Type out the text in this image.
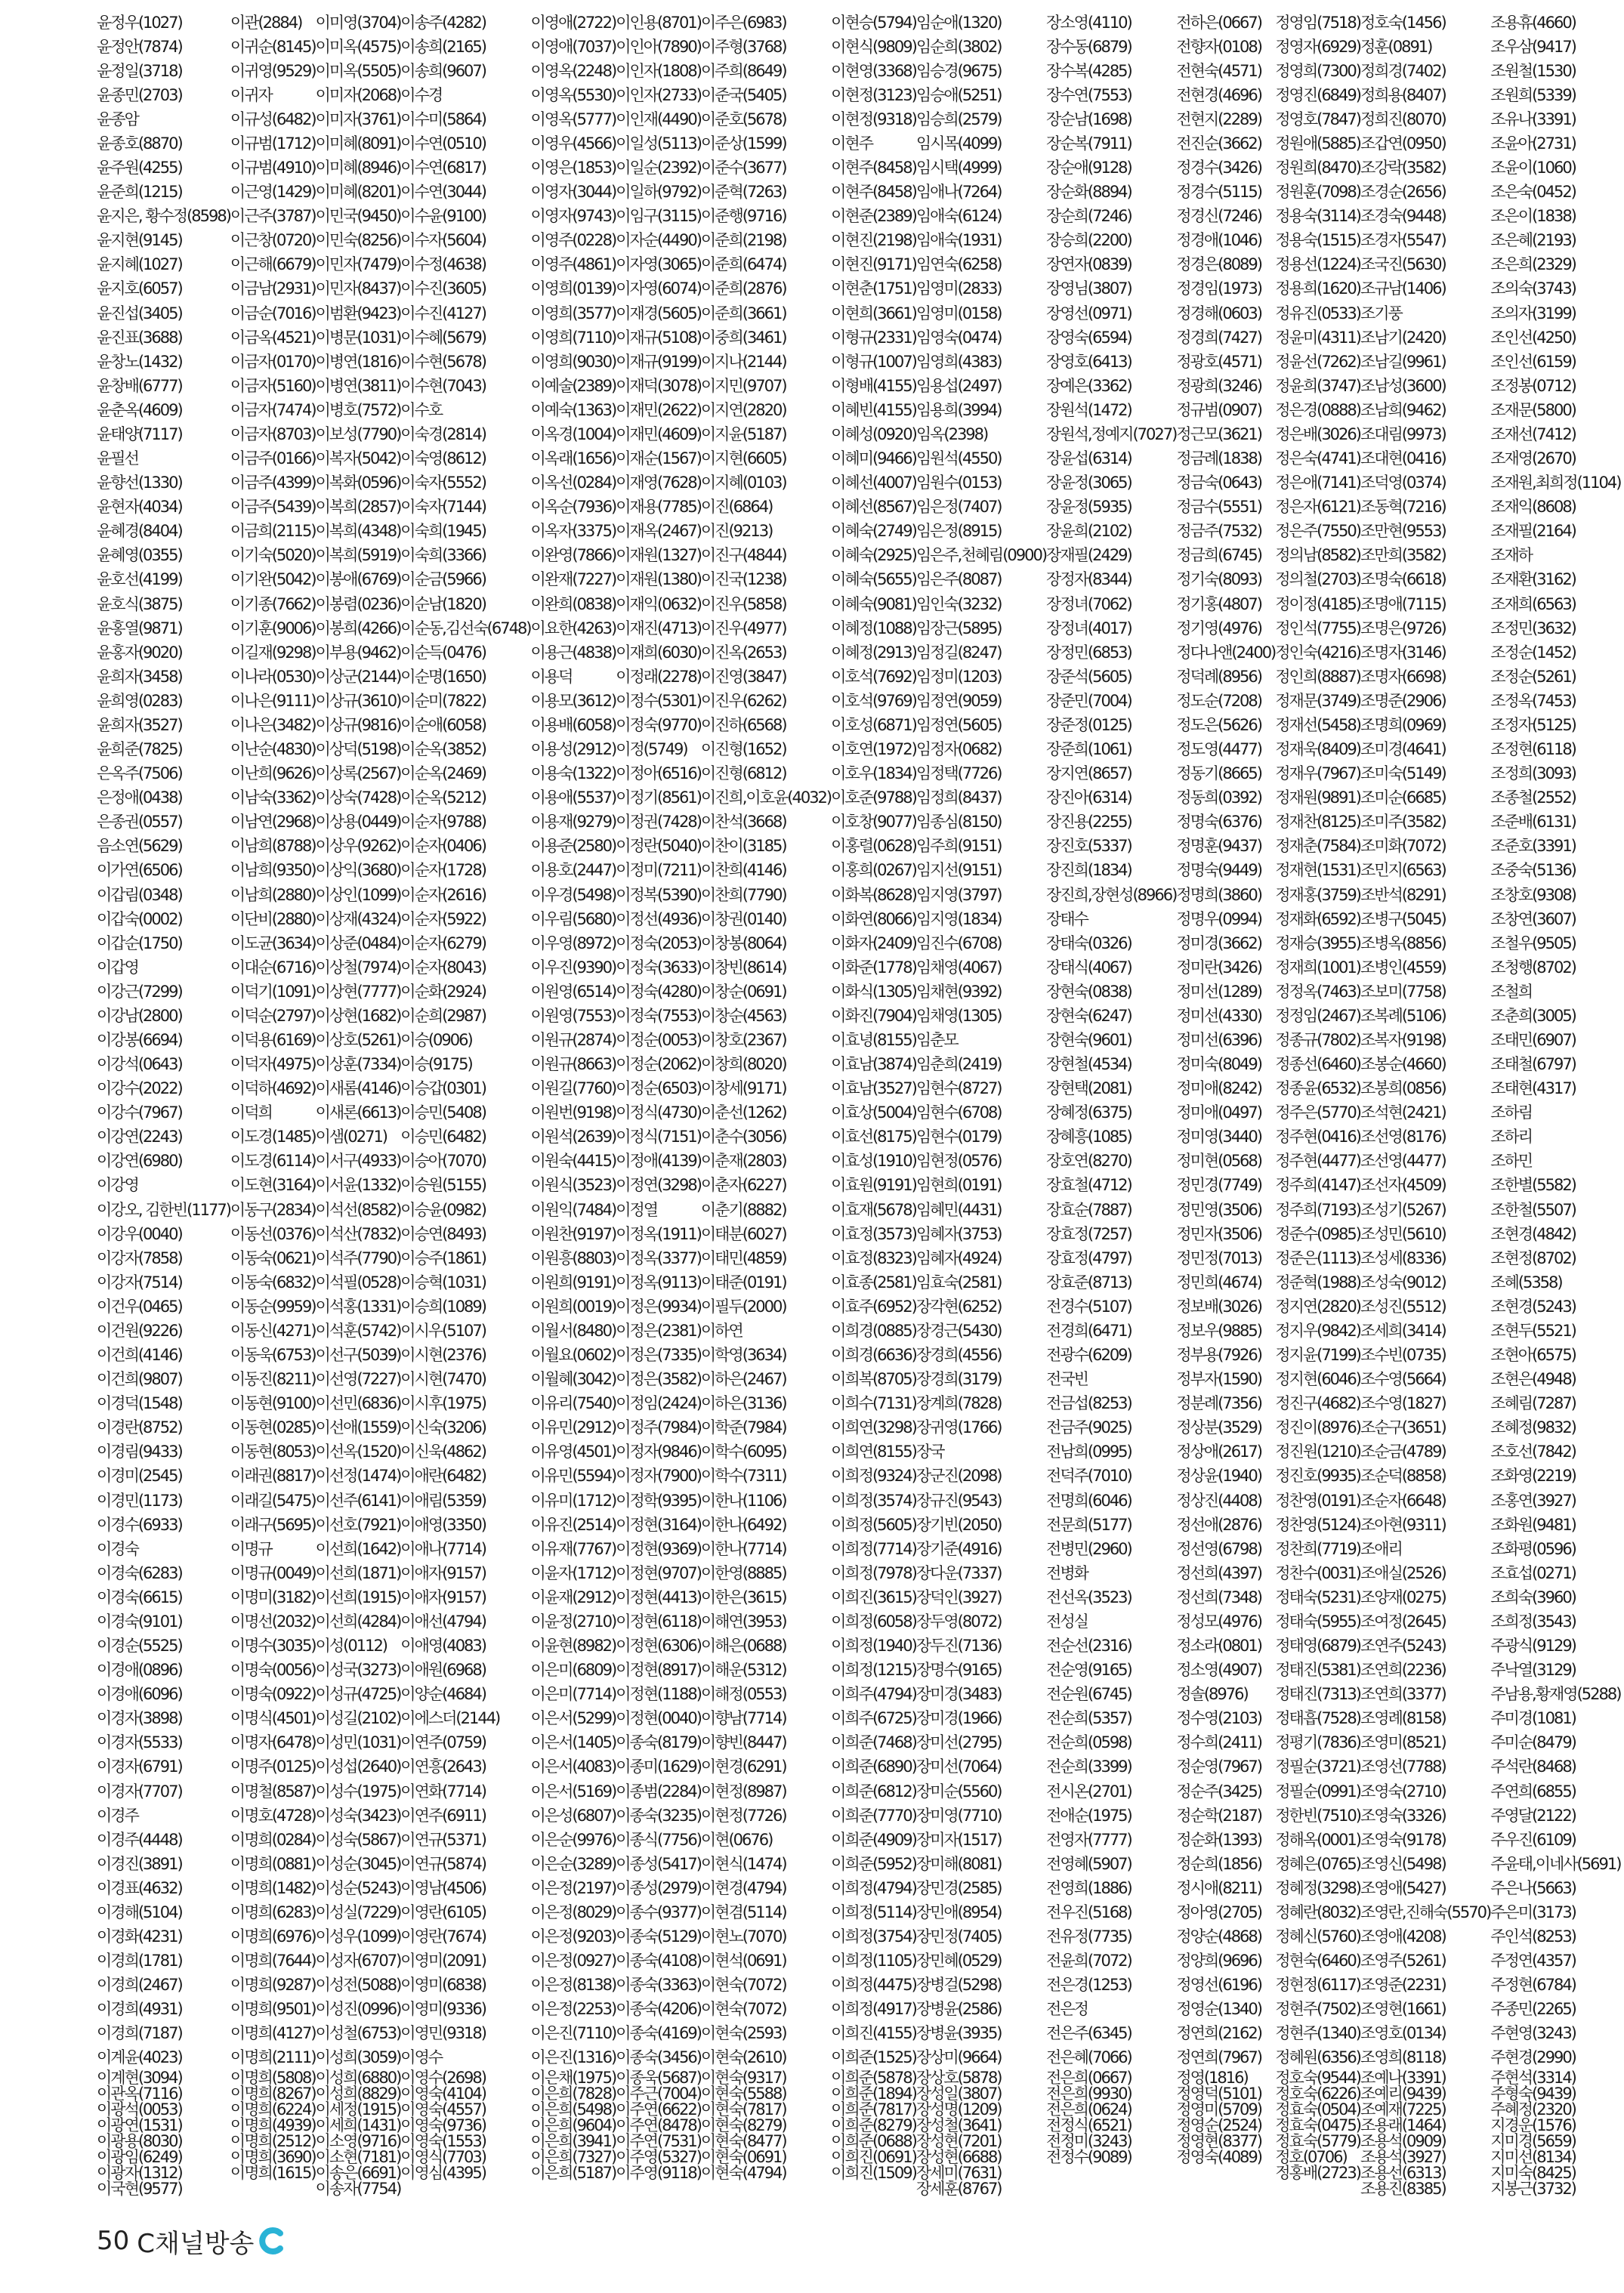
윤정우(1027)
윤정안(7874)
윤정일(3718)
윤종민(2703)
윤종암
윤종호(8870)
윤주원(4255)
윤준희(1215)
윤지은, 황수정(8598)
윤지현(9145)
윤지혜(1027)
윤지호(6057)
윤진섭(3405)
윤진표(3688)
윤창노(1432)
윤창배(6777)
윤춘옥(4609)
윤태양(7117)
윤필선
윤향선(1330)
윤현자(4034)
윤혜경(8404)
윤혜영(0355)
윤호선(4199)
윤호식(3875)
윤홍열(9871)
윤홍자(9020)
윤희자(3458)
윤희영(0283)
윤희자(3527)
윤희준(7825)
은옥주(7506)
은정애(0438)
은종권(0557)
음소연(5629)
이가연(6506)
이갑림(0348)
이갑숙(0002)
이갑순(1750)
이갑영
이강근(7299)
이강남(2800)
이강봉(6694)
이강석(0643)
이강수(2022)
이강수(7967)
이강연(2243)
이강연(6980)
이강영
이강오, 김한빈(1177)
이강우(0040)
이강자(7858)
이강자(7514)
이건우(0465)
이건원(9226)
이건희(4146)
이건희(9807)
이경덕(1548)
이경란(8752)
이경림(9433)
이경미(2545)
이경민(1173)
이경수(6933)
이경숙
이경숙(6283)
이경숙(6615)
이경숙(9101)
이경순(5525)
이경애(0896)
이경애(6096)
이경자(3898)
이경자(5533)
이경자(6791)
이경자(7707)
이경주
이경주(4448)
이경진(3891)
이경표(4632)
이경해(5104)
이경화(4231)
이경희(1781)
이경희(2467)
이경희(4931)
이경희(7187)
이계윤(4023)
이계현(3094)
이관옥(7116)
이광석(0053)
이광연(1531)
이광용(8030)
이광임(6249)
이광자(1312)
이국현(9577)
이관(2884)
이귀순(8145)
이귀영(9529)
이귀자
이규성(6482)
이규범(1712)
이규범(4910)
이근영(1429)
이근주(3787)
이근창(0720)
이근해(6679)
이금남(2931)
이금순(7016)
이금옥(4521)
이금자(0170)
이금자(5160)
이금자(7474)
이금자(8703)
이금주(0166)
이금주(4399)
이금주(5439)
이금희(2115)
이기숙(5020)
이기완(5042)
이기종(7662)
이기훈(9006)
이길재(9298)
이나라(0530)
이나은(9111)
이나은(3482)
이난순(4830)
이난희(9626)
이남숙(3362)
이남연(2968)
이남희(8788)
이남희(9350)
이남희(2880)
이단비(2880)
이도균(3634)
이대순(6716)
이덕기(1091)
이덕순(2797)
이덕용(6169)
이덕자(4975)
이덕하(4692)
이덕희
이도경(1485)
이도경(6114)
이도현(3164)
이동구(2834)
이동선(0376)
이동숙(0621)
이동숙(6832)
이동순(9959)
이동신(4271)
이동욱(6753)
이동진(8211)
이동현(9100)
이동현(0285)
이동현(8053)
이래권(8817)
이래길(5475)
이래구(5695)
이명규
이명규(0049)
이명미(3182)
이명선(2032)
이명수(3035)
이명숙(0056)
이명숙(0922)
이명식(4501)
이명자(6478)
이명주(0125)
이명철(8587)
이명호(4728)
이명희(0284)
이명희(0881)
이명희(1482)
이명희(6283)
이명희(6976)
이명희(7644)
이명희(9287)
이명희(9501)
이명희(4127)
이명희(2111)
이명희(5808)
이명희(8267)
이명희(6224)
이명희(4939)
이명희(2512)
이명희(3690)
이명희(1615)
이미영(3704)
이미옥(4575)
이미옥(5505)
이미자(2068)
이미자(3761)
이미혜(8091)
이미혜(8946)
이미혜(8201)
이민국(9450)
이민숙(8256)
이민자(7479)
이민자(8437)
이범환(9423)
이병문(1031)
이병연(1816)
이병연(3811)
이병호(7572)
이보성(7790)
이복자(5042)
이복화(0596)
이복희(2857)
이복희(4348)
이복희(5919)
이봉애(6769)
이봉렴(0236)
이봉희(4266)
이부용(9462)
이상군(2144)
이상규(3610)
이상규(9816)
이상덕(5198)
이상록(2567)
이상숙(7428)
이상용(0449)
이상우(9262)
이상익(3680)
이상인(1099)
이상재(4324)
이상준(0484)
이상철(7974)
이상현(7777)
이상현(1682)
이상호(5261)
이상훈(7334)
이새롬(4146)
이새론(6613)
이샘(0271)
이서구(4933)
이서윤(1332)
이석선(8582)
이석산(7832)
이석주(7790)
이석필(0528)
이석홍(1331)
이석훈(5742)
이선구(5039)
이선영(7227)
이선민(6836)
이선애(1559)
이선옥(1520)
이선정(1474)
이선주(6141)
이선호(7921)
이선희(1642)
이선희(1871)
이선희(1915)
이선희(4284)
이성(0112)
이성국(3273)
이성규(4725)
이성길(2102)
이성민(1031)
이성섭(2640)
이성수(1975)
이성숙(3423)
이성숙(5867)
이성순(3045)
이성순(5243)
이성실(7229)
이성우(1099)
이성자(6707)
이성전(5088)
이성진(0996)
이성철(6753)
이성희(3059)
이성희(6880)
이성희(8829)
이세정(1915)
이세희(1431)
이소영(9716)
이소현(7181)
이송은(6691)
이송자(7754)
이송주(4282)
이송희(2165)
이송희(9607)
이수경
이수미(5864)
이수연(0510)
이수연(6817)
이수연(3044)
이수윤(9100)
이수자(5604)
이수정(4638)
이수진(3605)
이수진(4127)
이수혜(5679)
이수현(5678)
이수현(7043)
이수호
이숙경(2814)
이숙영(8612)
이숙자(5552)
이숙자(7144)
이숙희(1945)
이숙희(3366)
이순금(5966)
이순남(1820)
이순동,김선숙(6748)
이순득(0476)
이순명(1650)
이순미(7822)
이순애(6058)
이순옥(3852)
이순옥(2469)
이순옥(5212)
이순자(9788)
이순자(0406)
이순자(1728)
이순자(2616)
이순자(5922)
이순자(6279)
이순자(8043)
이순화(2924)
이순희(2987)
이승(0906)
이승(9175)
이승갑(0301)
이승민(5408)
이승민(6482)
이승아(7070)
이승원(5155)
이승윤(0982)
이승연(8493)
이승주(1861)
이승혁(1031)
이승희(1089)
이시우(5107)
이시현(2376)
이시현(7470)
이시후(1975)
이신숙(3206)
이신욱(4862)
이애란(6482)
이애림(5359)
이애영(3350)
이애나(7714)
이애자(9157)
이애자(9157)
이애선(4794)
이애영(4083)
이애원(6968)
이양순(4684)
이에스더(2144)
이연주(0759)
이연흥(2643)
이연화(7714)
이연주(6911)
이연규(5371)
이연규(5874)
이영남(4506)
이영란(6105)
이영란(7674)
이영미(2091)
이영미(6838)
이영미(9336)
이영민(9318)
이영수
이영수(2698)
이영숙(4104)
이영숙(4557)
이영숙(9736)
이영숙(1553)
이영식(7703)
이영심(4395)
이영애(2722)
이영애(7037)
이영옥(2248)
이영옥(5530)
이영옥(5777)
이영우(4566)
이영은(1853)
이영자(3044)
이영자(9743)
이영주(0228)
이영주(4861)
이영희(0139)
이영희(3577)
이영희(7110)
이영희(9030)
이예술(2389)
이예숙(1363)
이옥경(1004)
이옥래(1656)
이옥선(0284)
이옥순(7936)
이옥자(3375)
이완영(7866)
이완재(7227)
이완희(0838)
이요한(4263)
이용근(4838)
이용덕
이용모(3612)
이용배(6058)
이용성(2912)
이용숙(1322)
이용애(5537)
이용재(9279)
이용준(2580)
이용호(2447)
이우경(5498)
이우림(5680)
이우영(8972)
이우진(9390)
이원영(6514)
이원영(7553)
이원규(2874)
이원규(8663)
이원길(7760)
이원번(9198)
이원석(2639)
이원숙(4415)
이원식(3523)
이원익(7484)
이원찬(9197)
이원흥(8803)
이원희(9191)
이원희(0019)
이월서(8480)
이월요(0602)
이월혜(3042)
이유리(7540)
이유민(2912)
이유영(4501)
이유민(5594)
이유미(1712)
이유진(2514)
이유재(7767)
이윤자(1712)
이윤재(2912)
이윤정(2710)
이윤현(8982)
이은미(6809)
이은미(7714)
이은서(5299)
이은서(1405)
이은서(4083)
이은서(5169)
이은성(6807)
이은순(9976)
이은순(3289)
이은정(2197)
이은정(8029)
이은정(9203)
이은정(0927)
이은정(8138)
이은정(2253)
이은진(7110)
이은진(1316)
이은채(1975)
이은희(7828)
이은희(5498)
이은희(9604)
이은희(3941)
이은희(7327)
이은희(5187)
이인용(8701)
이인아(7890)
이인자(1808)
이인자(2733)
이인재(4490)
이일성(5113)
이일순(2392)
이일하(9792)
이임구(3115)
이자순(4490)
이자영(3065)
이자영(6074)
이재경(5605)
이재규(5108)
이재규(9199)
이재덕(3078)
이재민(2622)
이재민(4609)
이재순(1567)
이재영(7628)
이재용(7785)
이재옥(2467)
이재원(1327)
이재원(1380)
이재익(0632)
이재진(4713)
이재희(6030)
이정래(2278)
이정수(5301)
이정숙(9770)
이정(5749)
이정아(6516)
이정기(8561)
이정권(7428)
이정란(5040)
이정미(7211)
이정복(5390)
이정선(4936)
이정숙(2053)
이정숙(3633)
이정숙(4280)
이정숙(7553)
이정순(0053)
이정순(2062)
이정순(6503)
이정식(4730)
이정식(7151)
이정애(4139)
이정연(3298)
이정열
이정옥(1911)
이정옥(3377)
이정옥(9113)
이정은(9934)
이정은(2381)
이정은(7335)
이정은(3582)
이정임(2424)
이정주(7984)
이정자(9846)
이정자(7900)
이정학(9395)
이정현(3164)
이정현(9369)
이정현(9707)
이정현(4413)
이정현(6118)
이정현(6306)
이정현(8917)
이정현(1188)
이정현(0040)
이종숙(8179)
이종미(1629)
이종범(2284)
이종숙(3235)
이종식(7756)
이종성(5417)
이종성(2979)
이종수(9377)
이종숙(5129)
이종숙(4108)
이종숙(3363)
이종숙(4206)
이종숙(4169)
이종숙(3456)
이종욱(5687)
이주근(7004)
이주연(6622)
이주연(8478)
이주연(7531)
이주영(5327)
이주영(9118)
이주은(6983)
이주형(3768)
이주희(8649)
이준국(5405)
이준호(5678)
이준상(1599)
이준수(3677)
이준혁(7263)
이준행(9716)
이준희(2198)
이준희(6474)
이준희(2876)
이준희(3661)
이중희(3461)
이지나(2144)
이지민(9707)
이지연(2820)
이지윤(5187)
이지현(6605)
이지혜(0103)
이진(6864)
이진(9213)
이진구(4844)
이진국(1238)
이진우(5858)
이진우(4977)
이진옥(2653)
이진영(3847)
이진우(6262)
이진하(6568)
이진형(1652)
이진형(6812)
이진희,이호윤(4032)
이찬석(3668)
이찬이(3185)
이찬희(4146)
이찬희(7790)
이창권(0140)
이창봉(8064)
이창빈(8614)
이창순(0691)
이창순(4563)
이창호(2367)
이창희(8020)
이창세(9171)
이춘선(1262)
이춘수(3056)
이춘재(2803)
이춘자(6227)
이춘기(8882)
이태분(6027)
이태민(4859)
이태준(0191)
이필두(2000)
이하연
이학영(3634)
이하은(2467)
이하은(3136)
이학준(7984)
이학수(6095)
이학수(7311)
이한나(1106)
이한나(6492)
이한나(7714)
이한영(8885)
이한은(3615)
이해연(3953)
이해은(0688)
이해운(5312)
이해정(0553)
이향남(7714)
이향빈(8447)
이현경(6291)
이현정(8987)
이현정(7726)
이현(0676)
이현식(1474)
이현경(4794)
이현겸(5114)
이현노(7070)
이현석(0691)
이현숙(7072)
이현숙(7072)
이현숙(2593)
이현숙(2610)
이현숙(9317)
이현숙(5588)
이현숙(7817)
이현숙(8279)
이현숙(8477)
이현숙(0691)
이현숙(4794)
이현승(5794)
이현식(9809)
이현영(3368)
이현정(3123)
이현정(9318)
이현주
이현주(8458)
이현주(8458)
이현준(2389)
이현진(2198)
이현진(9171)
이현춘(1751)
이현희(3661)
이형규(2331)
이형규(1007)
이형배(4155)
이혜빈(4155)
이혜성(0920)
이혜미(9466)
이혜선(4007)
이혜선(8567)
이혜숙(2749)
이혜숙(2925)
이혜숙(5655)
이혜숙(9081)
이혜정(1088)
이혜정(2913)
이호석(7692)
이호석(9769)
이호성(6871)
이호연(1972)
이호우(1834)
이호준(9788)
이호창(9077)
이홍렬(0628)
이홍희(0267)
이화복(8628)
이화연(8066)
이화자(2409)
이화준(1778)
이화식(1305)
이화진(7904)
이효녕(8155)
이효남(3874)
이효남(3527)
이효상(5004)
이효선(8175)
이효성(1910)
이효원(9191)
이효재(5678)
이효정(3573)
이효정(8323)
이효종(2581)
이효주(6952)
이희경(0885)
이희경(6636)
이희복(8705)
이희수(7131)
이희연(3298)
이희연(8155)
이희정(9324)
이희정(3574)
이희정(5605)
이희정(7714)
이희정(7978)
이희진(3615)
이희정(6058)
이희정(1940)
이희정(1215)
이희주(4794)
이희주(6725)
이희준(7468)
이희준(6890)
이희준(6812)
이희준(7770)
이희준(4909)
이희준(5952)
이희정(4794)
이희정(5114)
이희정(3754)
이희정(1105)
이희정(4475)
이희정(4917)
이희진(4155)
이희준(1525)
이희준(5878)
이희준(1894)
이희준(7817)
이희준(8279)
이희준(0688)
이희진(0691)
이희진(1509)
임순애(1320)
임순희(3802)
임승경(9675)
임승애(5251)
임승희(2579)
임시목(4099)
임시택(4999)
임애나(7264)
임애숙(6124)
임애숙(1931)
임연숙(6258)
임영미(2833)
임영미(0158)
임영숙(0474)
임영희(4383)
임용섭(2497)
임용희(3994)
임옥(2398)
임원석(4550)
임원수(0153)
임은정(7407)
임은정(8915)
임은주,천혜림(0900)
임은주(8087)
임인숙(3232)
임장근(5895)
임정길(8247)
임정미(1203)
임정연(9059)
임정연(5605)
임정자(0682)
임정택(7726)
임정희(8437)
임종심(8150)
임주희(9151)
임지선(9151)
임지영(3797)
임지영(1834)
임진수(6708)
임채영(4067)
임채현(9392)
임채영(1305)
임춘모
임춘희(2419)
임현수(8727)
임현수(6708)
임현수(0179)
임현정(0576)
임현희(0191)
임혜민(4431)
임혜자(3753)
임혜자(4924)
임효숙(2581)
장각현(6252)
장경근(5430)
장경희(4556)
장경희(3179)
장계희(7828)
장귀영(1766)
장국
장군진(2098)
장규진(9543)
장기빈(2050)
장기준(4916)
장다운(7337)
장덕인(3927)
장두영(8072)
장두진(7136)
장명수(9165)
장미경(3483)
장미경(1966)
장미선(2795)
장미선(7064)
장미순(5560)
장미영(7710)
장미자(1517)
장미해(8081)
장민경(2585)
장민애(8954)
장민정(7405)
장민혜(0529)
장병걸(5298)
장병윤(2586)
장병윤(3935)
장상미(9664)
장상호(5878)
장성일(3807)
장성명(1209)
장성철(3641)
장성현(7201)
장성현(6688)
장세미(7631)
장세훈(8767)
장소영(4110)
장수동(6879)
장수복(4285)
장수연(7553)
장순남(1698)
장순복(7911)
장순애(9128)
장순화(8894)
장순희(7246)
장승희(2200)
장연자(0839)
장영님(3807)
장영선(0971)
장영숙(6594)
장영호(6413)
장예은(3362)
장원석(1472)
장원석,정예지(7027)
장윤섭(6314)
장윤정(3065)
장윤정(5935)
장윤희(2102)
장재필(2429)
장정자(8344)
장정녀(7062)
장정녀(4017)
장정민(6853)
장준석(5605)
장준민(7004)
장준정(0125)
장준희(1061)
장지연(8657)
장진아(6314)
장진용(2255)
장진호(5337)
장진희(1834)
장진희,장현성(8966)
장태수
장태숙(0326)
장태식(4067)
장현숙(0838)
장현숙(6247)
장현숙(9601)
장현철(4534)
장현택(2081)
장혜정(6375)
장혜흥(1085)
장호연(8270)
장효철(4712)
장효순(7887)
장효정(7257)
장효정(4797)
장효준(8713)
전경수(5107)
전경희(6471)
전광수(6209)
전국빈
전금섭(8253)
전금주(9025)
전남희(0995)
전덕주(7010)
전명희(6046)
전문희(5177)
전병민(2960)
전병화
전선옥(3523)
전성실
전순선(2316)
전순영(9165)
전순원(6745)
전순희(5357)
전순희(0598)
전순희(3399)
전시온(2701)
전애순(1975)
전영자(7777)
전영혜(5907)
전영희(1886)
전우진(5168)
전유정(7735)
전윤희(7072)
전은경(1253)
전은정
전은주(6345)
전은혜(7066)
전은희(0667)
전은희(9930)
전은희(0624)
전정식(6521)
전정미(3243)
전정수(9089)
전하은(0667)
전향자(0108)
전현숙(4571)
전현경(4696)
전현지(2289)
전진순(3662)
정경수(3426)
정경수(5115)
정경신(7246)
정경애(1046)
정경은(8089)
정경임(1973)
정경해(0603)
정경희(7427)
정광호(4571)
정광희(3246)
정규범(0907)
정근모(3621)
정금례(1838)
정금숙(0643)
정금수(5551)
정금주(7532)
정금희(6745)
정기숙(8093)
정기홍(4807)
정기영(4976)
정다나앤(2400)
정덕례(8956)
정도순(7208)
정도은(5626)
정도영(4477)
정동기(8665)
정동희(0392)
정명숙(6376)
정명훈(9437)
정명숙(9449)
정명희(3860)
정명우(0994)
정미경(3662)
정미란(3426)
정미선(1289)
정미선(4330)
정미선(6396)
정미숙(8049)
정미애(8242)
정미애(0497)
정미영(3440)
정미현(0568)
정민경(7749)
정민영(3506)
정민자(3506)
정민정(7013)
정민희(4674)
정보배(3026)
정보우(9885)
정부용(7926)
정부자(1590)
정분례(7356)
정상분(3529)
정상애(2617)
정상윤(1940)
정상진(4408)
정선애(2876)
정선영(6798)
정선희(4397)
정선희(7348)
정성모(4976)
정소라(0801)
정소영(4907)
정솔(8976)
정수영(2103)
정수희(2411)
정순영(7967)
정순주(3425)
정순학(2187)
정순화(1393)
정순희(1856)
정시애(8211)
정아영(2705)
정양순(4868)
정양희(9696)
정영선(6196)
정영순(1340)
정연희(2162)
정연희(7967)
정영(1816)
정영덕(5101)
정영미(5709)
정영순(2524)
정영현(8377)
정영숙(4089)
정영임(7518)
정영자(6929)
정영희(7300)
정영진(6849)
정영호(7847)
정원애(5885)
정원희(8470)
정원훈(7098)
정용숙(3114)
정용숙(1515)
정용선(1224)
정용희(1620)
정유진(0533)
정윤미(4311)
정윤선(7262)
정윤희(3747)
정은경(0888)
정은배(3026)
정은숙(4741)
정은애(7141)
정은자(6121)
정은주(7550)
정의남(8582)
정의철(2703)
정이정(4185)
정인석(7755)
정인숙(4216)
정인희(8887)
정재문(3749)
정재선(5458)
정재욱(8409)
정재우(7967)
정재원(9891)
정재찬(8125)
정재춘(7584)
정재현(1531)
정재홍(3759)
정재화(6592)
정재승(3955)
정재희(1001)
정정옥(7463)
정정임(2467)
정종규(7802)
정종선(6460)
정종윤(6532)
정주은(5770)
정주현(0416)
정주현(4477)
정주희(4147)
정주희(7193)
정준수(0985)
정준은(1113)
정준혁(1988)
정지연(2820)
정지우(9842)
정지윤(7199)
정지현(6046)
정진구(4682)
정진이(8976)
정진원(1210)
정진호(9935)
정찬영(0191)
정찬영(5124)
정찬희(7719)
정찬수(0031)
정태숙(5231)
정태숙(5955)
정태영(6879)
정태진(5381)
정태진(7313)
정태흡(7528)
정평기(7836)
정필순(3721)
정필순(0991)
정한빈(7510)
정해옥(0001)
정혜은(0765)
정혜정(3298)
정혜란(8032)
정혜신(5760)
정현숙(6460)
정현정(6117)
정현주(7502)
정현주(1340)
정혜원(6356)
정호숙(9544)
정호숙(6226)
정효숙(0504)
정효숙(0475)
정효숙(5779)
정호(0706)
정홍배(2723)
정호숙(1456)
정훈(0891)
정희경(7402)
정희용(8407)
정희진(8070)
조갑연(0950)
조강락(3582)
조경순(2656)
조경숙(9448)
조경자(5547)
조국진(5630)
조규남(1406)
조기풍
조남기(2420)
조남길(9961)
조남성(3600)
조남희(9462)
조대림(9973)
조대현(0416)
조덕영(0374)
조동혁(7216)
조만현(9553)
조만희(3582)
조명숙(6618)
조명애(7115)
조명은(9726)
조명자(3146)
조명자(6698)
조명준(2906)
조명희(0969)
조미경(4641)
조미숙(5149)
조미순(6685)
조미주(3582)
조미화(7072)
조민지(6563)
조반석(8291)
조병구(5045)
조병옥(8856)
조병인(4559)
조보미(7758)
조복례(5106)
조복자(9198)
조봉순(4660)
조봉희(0856)
조석현(2421)
조선영(8176)
조선영(4477)
조선자(4509)
조성기(5267)
조성민(5610)
조성세(8336)
조성숙(9012)
조성진(5512)
조세희(3414)
조수빈(0735)
조수영(5664)
조수영(1827)
조순구(3651)
조순금(4789)
조순덕(8858)
조순자(6648)
조아현(9311)
조애리
조애실(2526)
조양재(0275)
조여정(2645)
조연주(5243)
조연희(2236)
조연희(3377)
조영례(8158)
조영미(8521)
조영선(7788)
조영숙(2710)
조영숙(3326)
조영숙(9178)
조영신(5498)
조영애(5427)
조영란,진해숙(5570)
조영애(4208)
조영주(5261)
조영준(2231)
조영현(1661)
조영호(0134)
조영희(8118)
조예나(3391)
조예리(9439)
조예재(7225)
조용래(1464)
조용석(0909)
조용석(3927)
조용선(6313)
조용진(8385)
조용휴(4660)
조우삼(9417)
조원철(1530)
조원희(5339)
조유나(3391)
조윤아(2731)
조윤이(1060)
조은숙(0452)
조은이(1838)
조은혜(2193)
조은희(2329)
조의숙(3743)
조의자(3199)
조인선(4250)
조인선(6159)
조정봉(0712)
조재문(5800)
조재선(7412)
조재영(2670)
조재원,최희정(1104)
조재익(8608)
조재필(2164)
조재하
조재환(3162)
조재희(6563)
조정민(3632)
조정순(1452)
조정순(5261)
조정옥(7453)
조정자(5125)
조정현(6118)
조정희(3093)
조종철(2552)
조준배(6131)
조준호(3391)
조중숙(5136)
조창호(9308)
조창연(3607)
조철우(9505)
조청행(8702)
조철희
조춘희(3005)
조태민(6907)
조태철(6797)
조태현(4317)
조하림
조하리
조하민
조한별(5582)
조한철(5507)
조현경(4842)
조현정(8702)
조혜(5358)
조현경(5243)
조현두(5521)
조현아(6575)
조현은(4948)
조혜림(7287)
조혜정(9832)
조호선(7842)
조화영(2219)
조홍연(3927)
조화원(9481)
조화평(0596)
조효섭(0271)
조희숙(3960)
조희정(3543)
주광식(9129)
주낙열(3129)
주남용,황재영(5288)
주미경(1081)
주미순(8479)
주석란(8468)
주연희(6855)
주영달(2122)
주우진(6109)
주윤태,이네사(5691)
주은나(5663)
주은미(3173)
주인석(8253)
주정연(4357)
주정현(6784)
주종민(2265)
주현영(3243)
주현경(2990)
주현석(3314)
주형숙(9439)
주혜정(2320)
지경운(1576)
지미경(5659)
지미선(8134)
지미숙(8425)
지봉근(3732)
50 C채널방송
